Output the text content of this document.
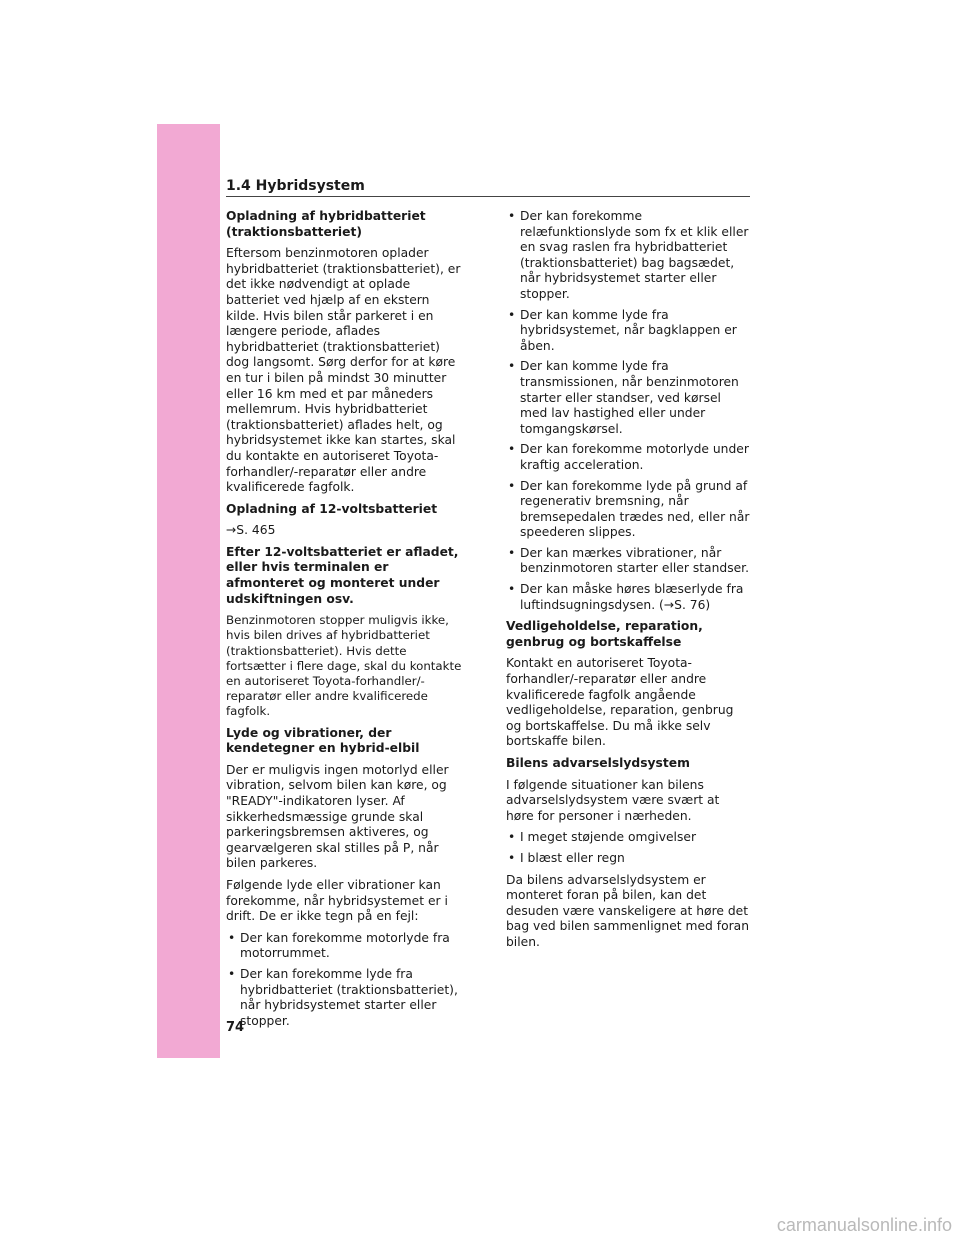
1.4 Hybridsystem
Opladning af hybridbatteriet (traktionsbatteriet)

Eftersom benzinmotoren oplader hybridbatteriet (traktionsbatteriet), er det ikke nødvendigt at oplade batteriet ved hjælp af en ekstern kilde. Hvis bilen står parkeret i en længere periode, aflades hybridbatteriet (traktionsbatteriet) dog langsomt. Sørg derfor for at køre en tur i bilen på mindst 30 minutter eller 16 km med et par måneders mellemrum. Hvis hybridbatteriet (traktionsbatteriet) aflades helt, og hybridsystemet ikke kan startes, skal du kontakte en autoriseret Toyota-forhandler/-reparatør eller andre kvalificerede fagfolk.

Opladning af 12-voltsbatteriet

→S. 465

Efter 12-voltsbatteriet er afladet, eller hvis terminalen er afmonteret og monteret under udskiftningen osv.

Benzinmotoren stopper muligvis ikke, hvis bilen drives af hybridbatteriet (traktionsbatteriet). Hvis dette fortsætter i flere dage, skal du kontakte en autoriseret Toyota-forhandler/-reparatør eller andre kvalificerede fagfolk.

Lyde og vibrationer, der kendetegner en hybrid-elbil

Der er muligvis ingen motorlyd eller vibration, selvom bilen kan køre, og "READY"-indikatoren lyser. Af sikkerhedsmæssige grunde skal parkeringsbremsen aktiveres, og gearvælgeren skal stilles på P, når bilen parkeres.

Følgende lyde eller vibrationer kan forekomme, når hybridsystemet er i drift. De er ikke tegn på en fejl:

• Der kan forekomme motorlyde fra motorrummet.
• Der kan forekomme lyde fra hybridbatteriet (traktionsbatteriet), når hybridsystemet starter eller stopper.
• Der kan forekomme relæfunktionslyde som fx et klik eller en svag raslen fra hybridbatteriet (traktionsbatteriet) bag bagsædet, når hybridsystemet starter eller stopper.
• Der kan komme lyde fra hybridsystemet, når bagklappen er åben.
• Der kan komme lyde fra transmissionen, når benzinmotoren starter eller standser, ved kørsel med lav hastighed eller under tomgangskørsel.
• Der kan forekomme motorlyde under kraftig acceleration.
• Der kan forekomme lyde på grund af regenerativ bremsning, når bremsepedalen trædes ned, eller når speederen slippes.
• Der kan mærkes vibrationer, når benzinmotoren starter eller standser.
• Der kan måske høres blæserlyde fra luftindsugningsdysen. (→S. 76)
Vedligeholdelse, reparation, genbrug og bortskaffelse

Kontakt en autoriseret Toyota-forhandler/-reparatør eller andre kvalificerede fagfolk angående vedligeholdelse, reparation, genbrug og bortskaffelse. Du må ikke selv bortskaffe bilen.

Bilens advarselslydsystem

I følgende situationer kan bilens advarselslydsystem være svært at høre for personer i nærheden.

• I meget støjende omgivelser
• I blæst eller regn

Da bilens advarselslydsystem er monteret foran på bilen, kan det desuden være vanskeligere at høre det bag ved bilen sammenlignet med foran bilen.

74
carmanualsonline.info
